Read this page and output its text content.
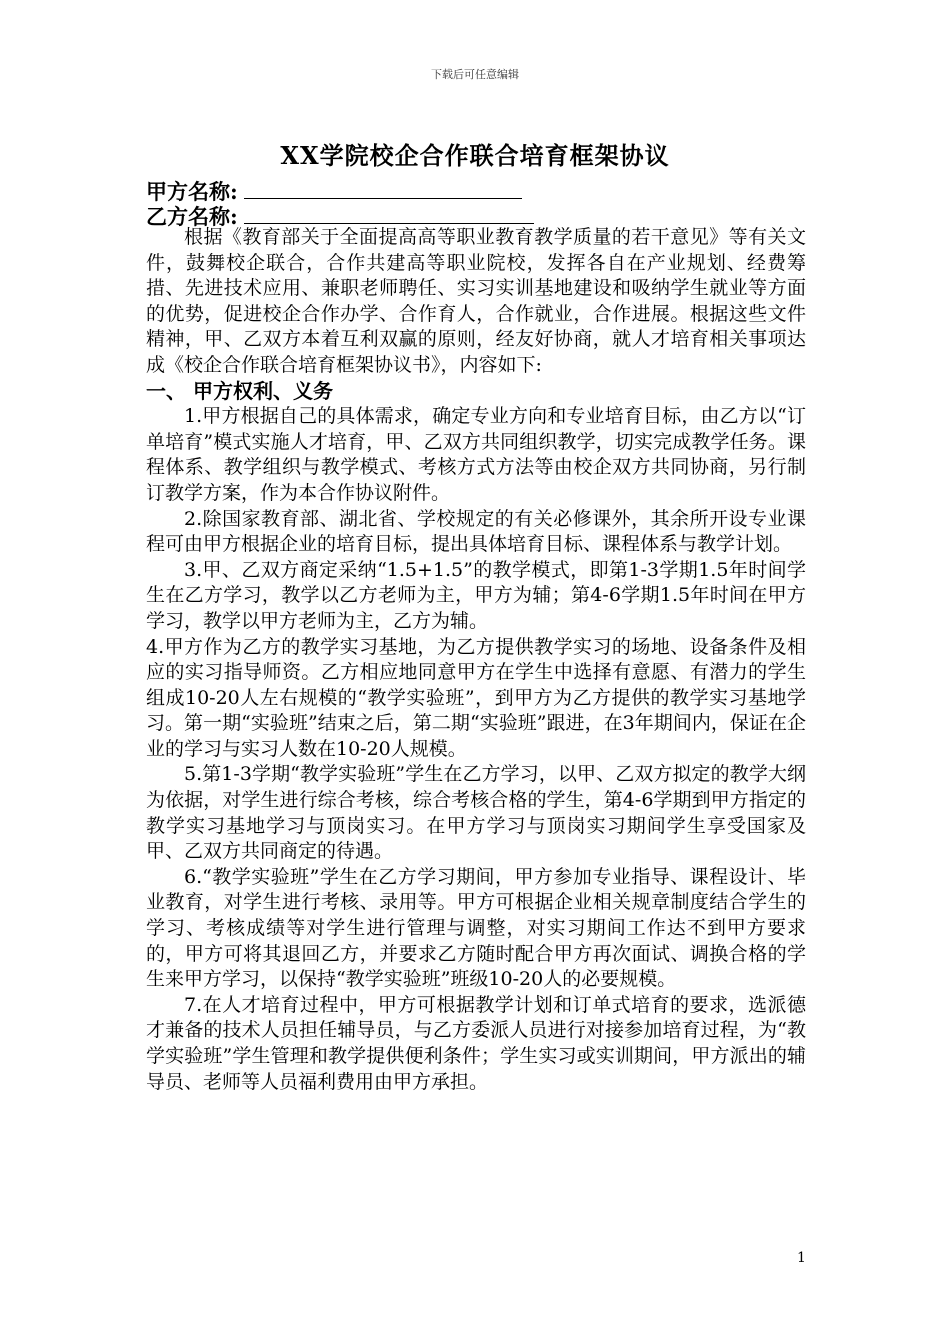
下载后可任意编辑
XX学院校企合作联合培育框架协议
甲方名称:
乙方名称:

根据《教育部关于全面提高高等职业教育教学质量的若干意见》等有关文件，鼓舞校企联合，合作共建高等职业院校，发挥各自在产业规划、经费筹措、先进技术应用、兼职老师聘任、实习实训基地建设和吸纳学生就业等方面的优势，促进校企合作办学、合作育人，合作就业，合作进展。根据这些文件精神，甲、乙双方本着互利双赢的原则，经友好协商，就人才培育相关事项达成《校企合作联合培育框架协议书》，内容如下:

一、 甲方权利、义务

1.甲方根据自己的具体需求，确定专业方向和专业培育目标，由乙方以“订单培育”模式实施人才培育，甲、乙双方共同组织教学，切实完成教学任务。课程体系、教学组织与教学模式、考核方式方法等由校企双方共同协商，另行制订教学方案，作为本合作协议附件。

2.除国家教育部、湖北省、学校规定的有关必修课外，其余所开设专业课程可由甲方根据企业的培育目标，提出具体培育目标、课程体系与教学计划。

3.甲、乙双方商定采纳“1.5+1.5”的教学模式，即第1-3学期1.5年时间学生在乙方学习，教学以乙方老师为主，甲方为辅；第4-6学期1.5年时间在甲方学习，教学以甲方老师为主，乙方为辅。

4.甲方作为乙方的教学实习基地，为乙方提供教学实习的场地、设备条件及相应的实习指导师资。乙方相应地同意甲方在学生中选择有意愿、有潜力的学生组成10-20人左右规模的“教学实验班”，到甲方为乙方提供的教学实习基地学习。第一期“实验班”结束之后，第二期“实验班”跟进，在3年期间内，保证在企业的学习与实习人数在10-20人规模。

5.第1-3学期“教学实验班”学生在乙方学习，以甲、乙双方拟定的教学大纲为依据，对学生进行综合考核，综合考核合格的学生，第4-6学期到甲方指定的教学实习基地学习与顶岗实习。在甲方学习与顶岗实习期间学生享受国家及甲、乙双方共同商定的待遇。

6.“教学实验班”学生在乙方学习期间，甲方参加专业指导、课程设计、毕业教育，对学生进行考核、录用等。甲方可根据企业相关规章制度结合学生的学习、考核成绩等对学生进行管理与调整，对实习期间工作达不到甲方要求的，甲方可将其退回乙方，并要求乙方随时配合甲方再次面试、调换合格的学生来甲方学习，以保持“教学实验班”班级10-20人的必要规模。

7.在人才培育过程中，甲方可根据教学计划和订单式培育的要求，选派德才兼备的技术人员担任辅导员，与乙方委派人员进行对接参加培育过程，为“教学实验班”学生管理和教学提供便利条件；学生实习或实训期间，甲方派出的辅导员、老师等人员福利费用由甲方承担。

1
